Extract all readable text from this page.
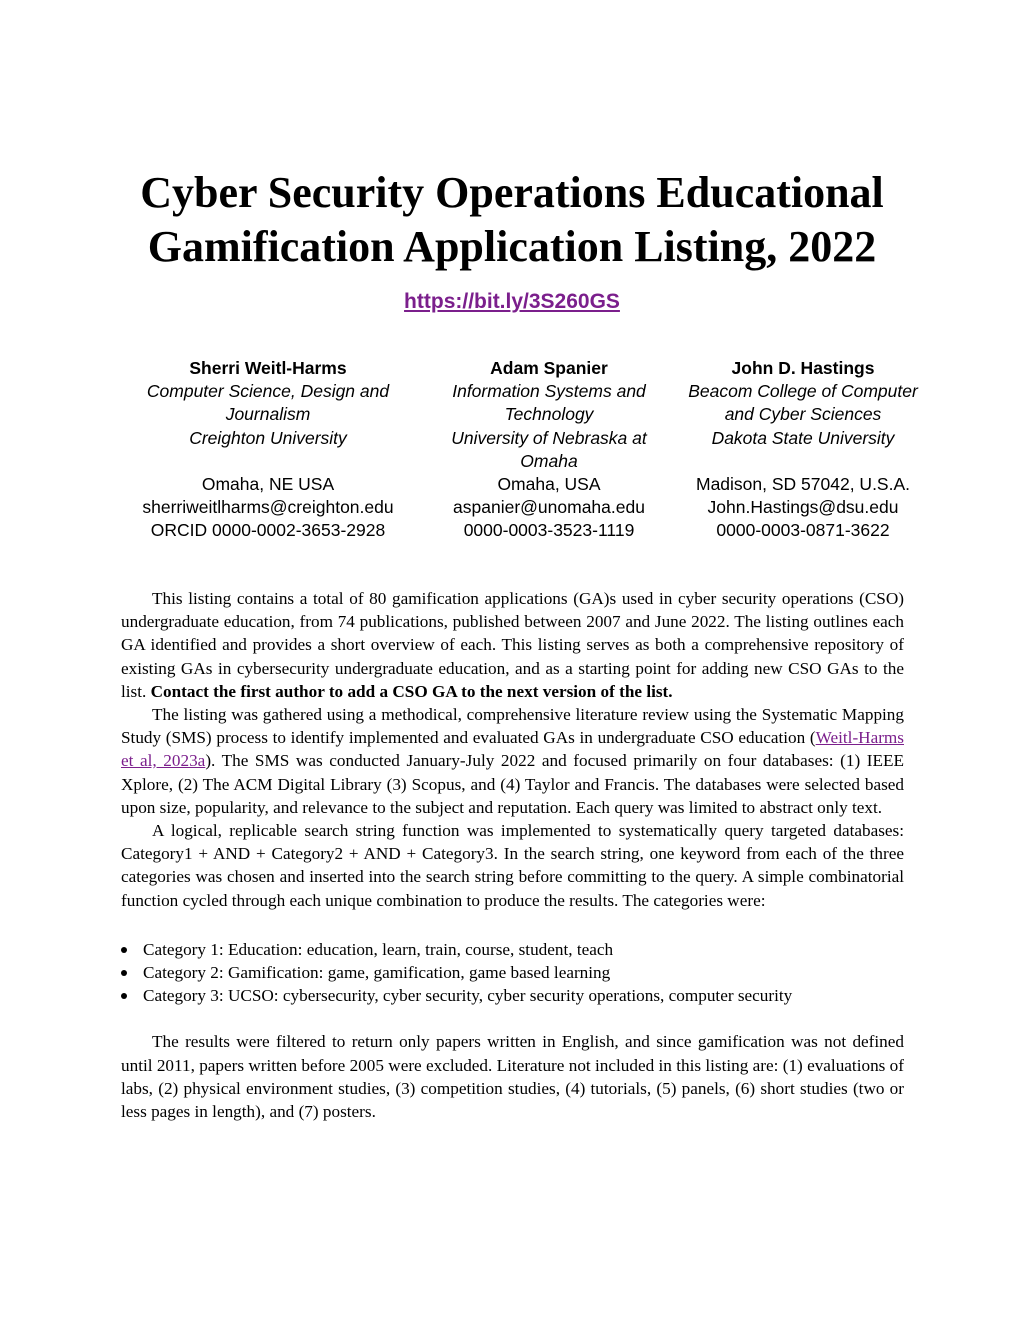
Cyber Security Operations Educational
Gamification Application Listing, 2022
https://bit.ly/3S260GS
Sherri Weitl-Harms
Computer Science, Design and
Journalism
Creighton University
Omaha, NE USA
sherriweitlharms@creighton.edu
ORCID 0000-0002-3653-2928
Adam Spanier
Information Systems and
Technology
University of Nebraska at
Omaha
Omaha, USA
aspanier@unomaha.edu
0000-0003-3523-1119
John D. Hastings
Beacom College of Computer
and Cyber Sciences
Dakota State University
Madison, SD 57042, U.S.A.
John.Hastings@dsu.edu
0000-0003-0871-3622

This listing contains a total of 80 gamification applications (GA)s used in cyber security operations (CSO) undergraduate education, from 74 publications, published between 2007 and June 2022. The listing outlines each GA identified and provides a short overview of each. This listing serves as both a comprehensive repository of existing GAs in cybersecurity undergraduate education, and as a starting point for adding new CSO GAs to the list. Contact the first author to add a CSO GA to the next version of the list.

The listing was gathered using a methodical, comprehensive literature review using the Systematic Mapping Study (SMS) process to identify implemented and evaluated GAs in undergraduate CSO education (Weitl-Harms et al, 2023a). The SMS was conducted January-July 2022 and focused primarily on four databases: (1) IEEE Xplore, (2) The ACM Digital Library (3) Scopus, and (4) Taylor and Francis. The databases were selected based upon size, popularity, and relevance to the subject and reputation. Each query was limited to abstract only text.

A logical, replicable search string function was implemented to systematically query targeted databases: Category1 + AND + Category2 + AND + Category3. In the search string, one keyword from each of the three categories was chosen and inserted into the search string before committing to the query. A simple combinatorial function cycled through each unique combination to produce the results. The categories were:

Category 1: Education: education, learn, train, course, student, teach
Category 2: Gamification: game, gamification, game based learning
Category 3: UCSO: cybersecurity, cyber security, cyber security operations, computer security

The results were filtered to return only papers written in English, and since gamification was not defined until 2011, papers written before 2005 were excluded. Literature not included in this listing are: (1) evaluations of labs, (2) physical environment studies, (3) competition studies, (4) tutorials, (5) panels, (6) short studies (two or less pages in length), and (7) posters.
